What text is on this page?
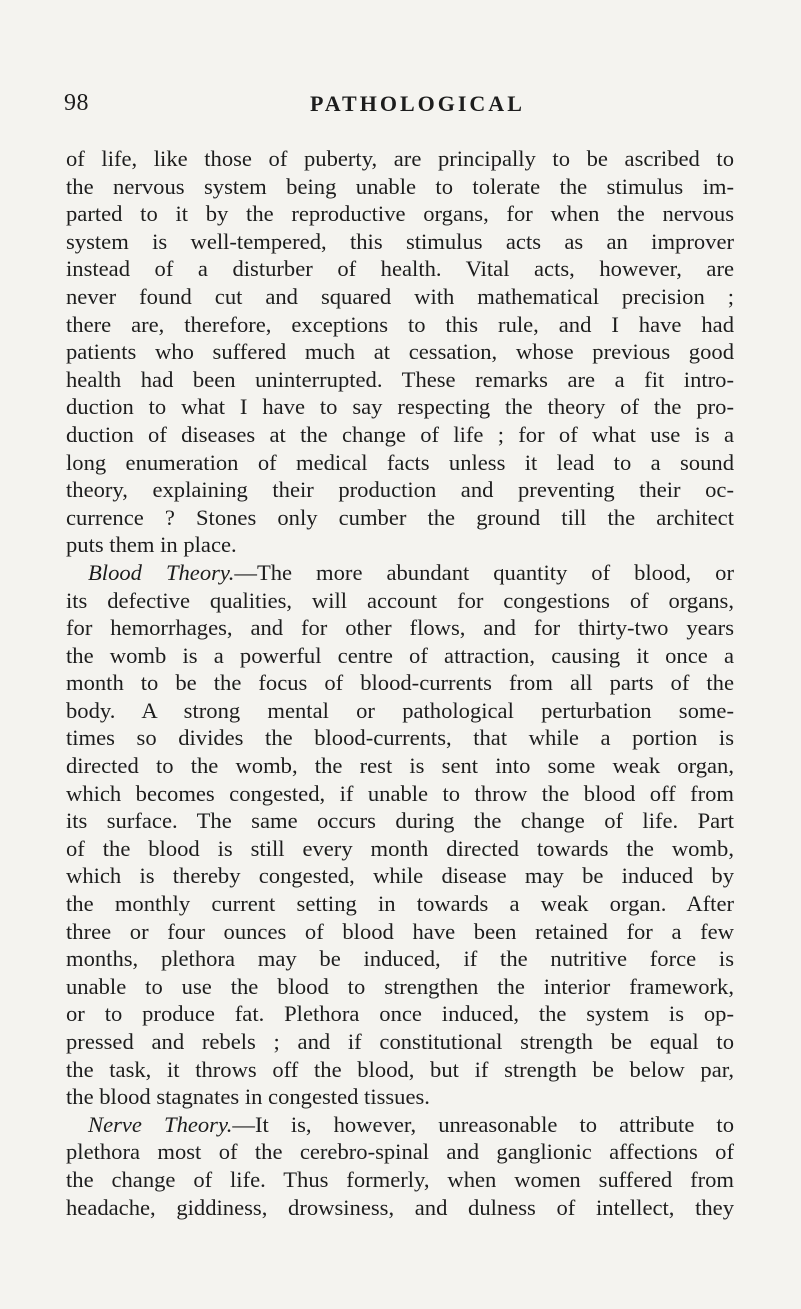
98	PATHOLOGICAL
of life, like those of puberty, are principally to be ascribed to
the nervous system being unable to tolerate the stimulus im-
parted to it by the reproductive organs, for when the nervous
system is well-tempered, this stimulus acts as an improver
instead of a disturber of health. Vital acts, however, are
never found cut and squared with mathematical precision ;
there are, therefore, exceptions to this rule, and I have had
patients who suffered much at cessation, whose previous good
health had been uninterrupted. These remarks are a fit intro-
duction to what I have to say respecting the theory of the pro-
duction of diseases at the change of life ; for of what use is a
long enumeration of medical facts unless it lead to a sound
theory, explaining their production and preventing their oc-
currence ? Stones only cumber the ground till the architect
puts them in place.
Blood Theory.—The more abundant quantity of blood, or
its defective qualities, will account for congestions of organs,
for hemorrhages, and for other flows, and for thirty-two years
the womb is a powerful centre of attraction, causing it once a
month to be the focus of blood-currents from all parts of the
body. A strong mental or pathological perturbation some-
times so divides the blood-currents, that while a portion is
directed to the womb, the rest is sent into some weak organ,
which becomes congested, if unable to throw the blood off from
its surface. The same occurs during the change of life. Part
of the blood is still every month directed towards the womb,
which is thereby congested, while disease may be induced by
the monthly current setting in towards a weak organ. After
three or four ounces of blood have been retained for a few
months, plethora may be induced, if the nutritive force is
unable to use the blood to strengthen the interior framework,
or to produce fat. Plethora once induced, the system is op-
pressed and rebels ; and if constitutional strength be equal to
the task, it throws off the blood, but if strength be below par,
the blood stagnates in congested tissues.
Nerve Theory.—It is, however, unreasonable to attribute to
plethora most of the cerebro-spinal and ganglionic affections of
the change of life. Thus formerly, when women suffered from
headache, giddiness, drowsiness, and dulness of intellect, they
